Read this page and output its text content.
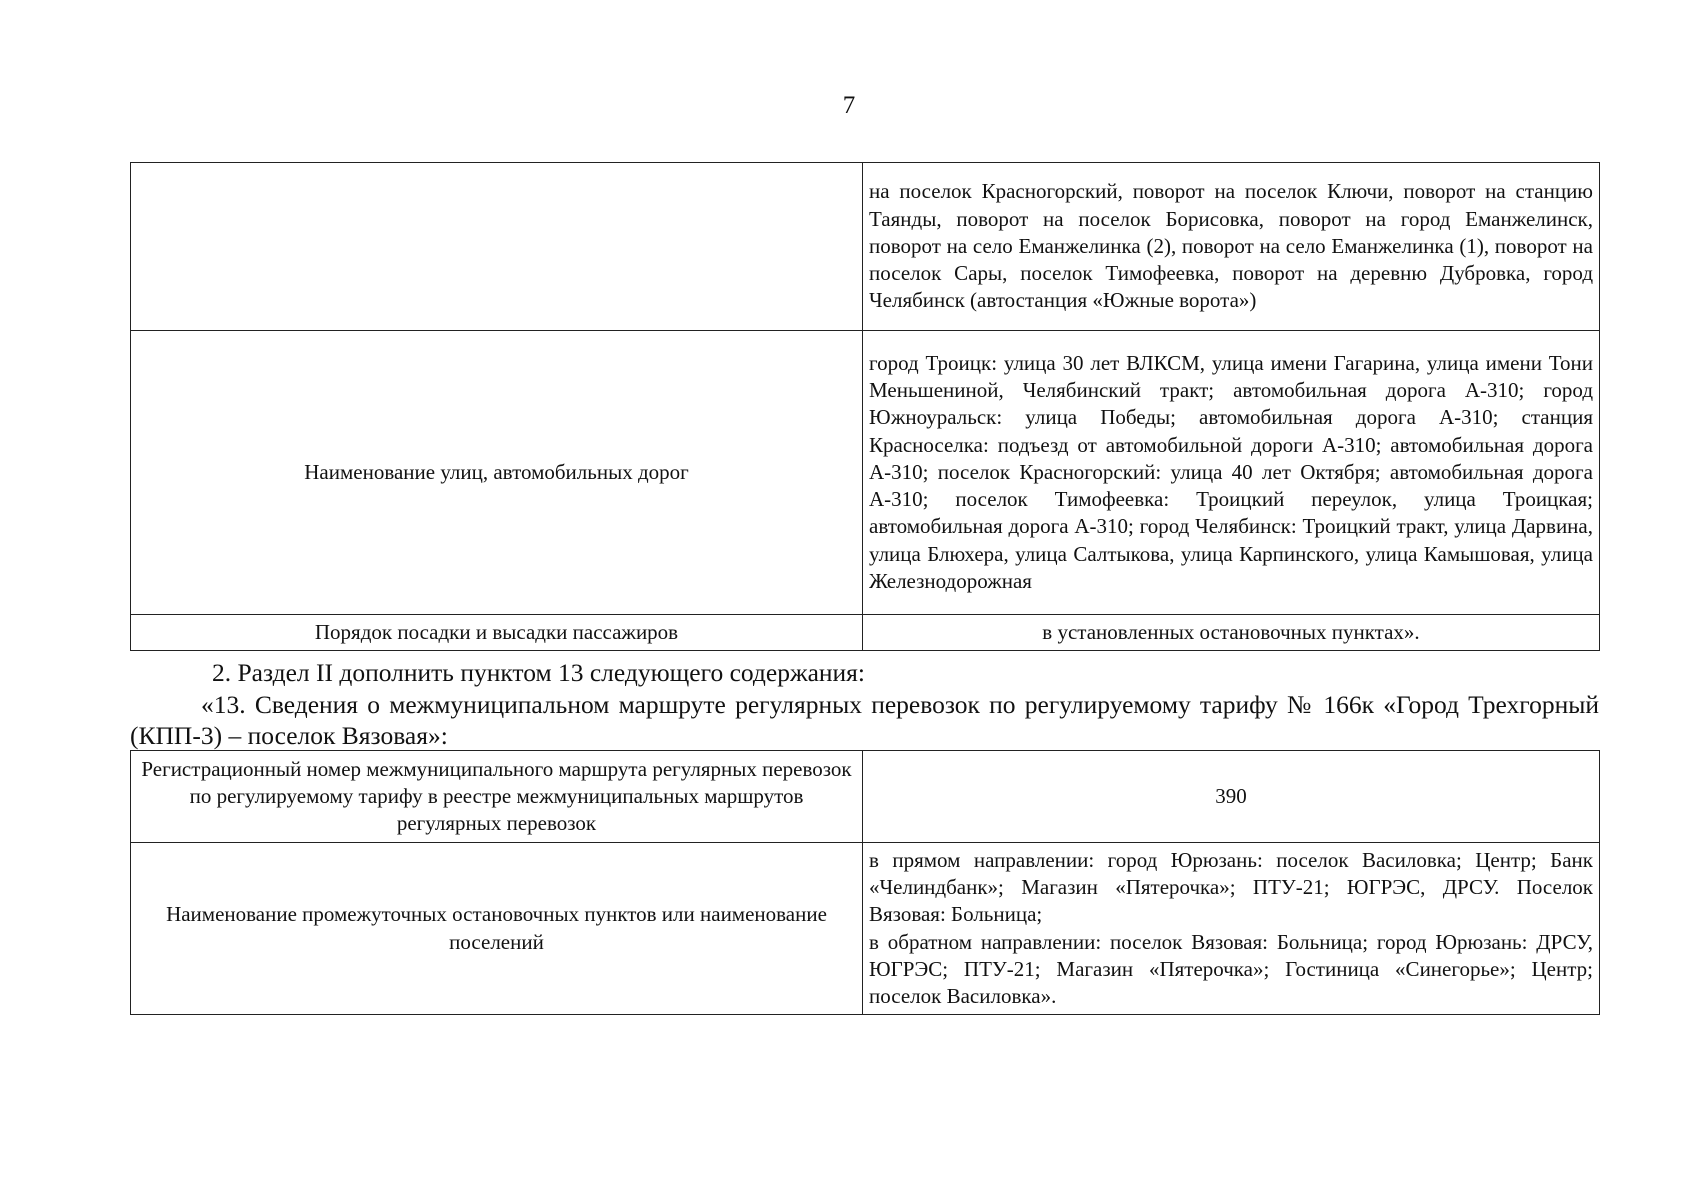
7
	на поселок Красногорский, поворот на поселок Ключи, поворот на станцию Таянды, поворот на поселок Борисовка, поворот на город Еманжелинск, поворот на село Еманжелинка (2), поворот на село Еманжелинка (1), поворот на поселок Сары, поселок Тимофеевка, поворот на деревню Дубровка, город Челябинск (автостанция «Южные ворота»)
Наименование улиц, автомобильных дорог	город Троицк: улица 30 лет ВЛКСМ, улица имени Гагарина, улица имени Тони Меньшениной, Челябинский тракт; автомобильная дорога А-310; город Южноуральск: улица Победы; автомобильная дорога А-310; станция Красноселка: подъезд от автомобильной дороги А-310; автомобильная дорога А-310; поселок Красногорский: улица 40 лет Октября; автомобильная дорога А-310; поселок Тимофеевка: Троицкий переулок, улица Троицкая; автомобильная дорога А-310; город Челябинск: Троицкий тракт, улица Дарвина, улица Блюхера, улица Салтыкова, улица Карпинского, улица Камышовая, улица Железнодорожная
Порядок посадки и высадки пассажиров	в установленных остановочных пунктах».
2. Раздел II дополнить пунктом 13 следующего содержания:
«13. Сведения о межмуниципальном маршруте регулярных перевозок по регулируемому тарифу № 166к «Город Трехгорный (КПП-3) – поселок Вязовая»:
Регистрационный номер межмуниципального маршрута регулярных перевозок по регулируемому тарифу в реестре межмуниципальных маршрутов регулярных перевозок	390
Наименование промежуточных остановочных пунктов или наименование поселений	в прямом направлении: город Юрюзань: поселок Василовка; Центр; Банк «Челиндбанк»; Магазин «Пятерочка»; ПТУ-21; ЮГРЭС, ДРСУ. Поселок Вязовая: Больница;
в обратном направлении: поселок Вязовая: Больница; город Юрюзань: ДРСУ, ЮГРЭС; ПТУ-21; Магазин «Пятерочка»; Гостиница «Синегорье»; Центр; поселок Василовка».
